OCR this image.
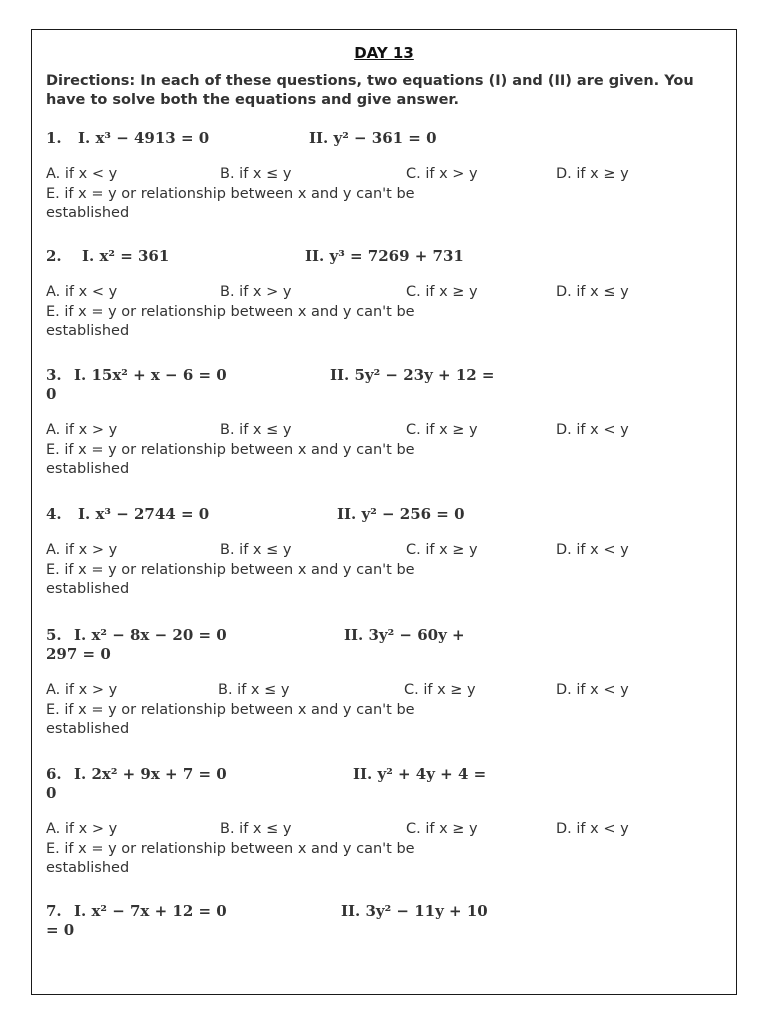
DAY 13
Directions: In each of these questions, two equations (I) and (II) are given. You have to solve both the equations and give answer.
1. I. x³ − 4913 = 0	II. y² − 361 = 0
A. if x < y	B. if x ≤ y	C. if x > y	D. if x ≥ y
E. if x = y or relationship between x and y can't be established
2. I. x² = 361	II. y³ = 7269 + 731
A. if x < y	B. if x > y	C. if x ≥ y	D. if x ≤ y
E. if x = y or relationship between x and y can't be established
3. I. 15x² + x − 6 = 0	II. 5y² − 23y + 12 =
0
A. if x > y	B. if x ≤ y	C. if x ≥ y	D. if x < y
E. if x = y or relationship between x and y can't be established
4. I. x³ − 2744 = 0	II. y² − 256 = 0
A. if x > y	B. if x ≤ y	C. if x ≥ y	D. if x < y
E. if x = y or relationship between x and y can't be established
5. I. x² − 8x − 20 = 0	II. 3y² − 60y +
297 = 0
A. if x > y	B. if x ≤ y	C. if x ≥ y	D. if x < y
E. if x = y or relationship between x and y can't be established
6. I. 2x² + 9x + 7 = 0	II. y² + 4y + 4 =
0
A. if x > y	B. if x ≤ y	C. if x ≥ y	D. if x < y
E. if x = y or relationship between x and y can't be established
7. I. x² − 7x + 12 = 0	II. 3y² − 11y + 10
= 0
